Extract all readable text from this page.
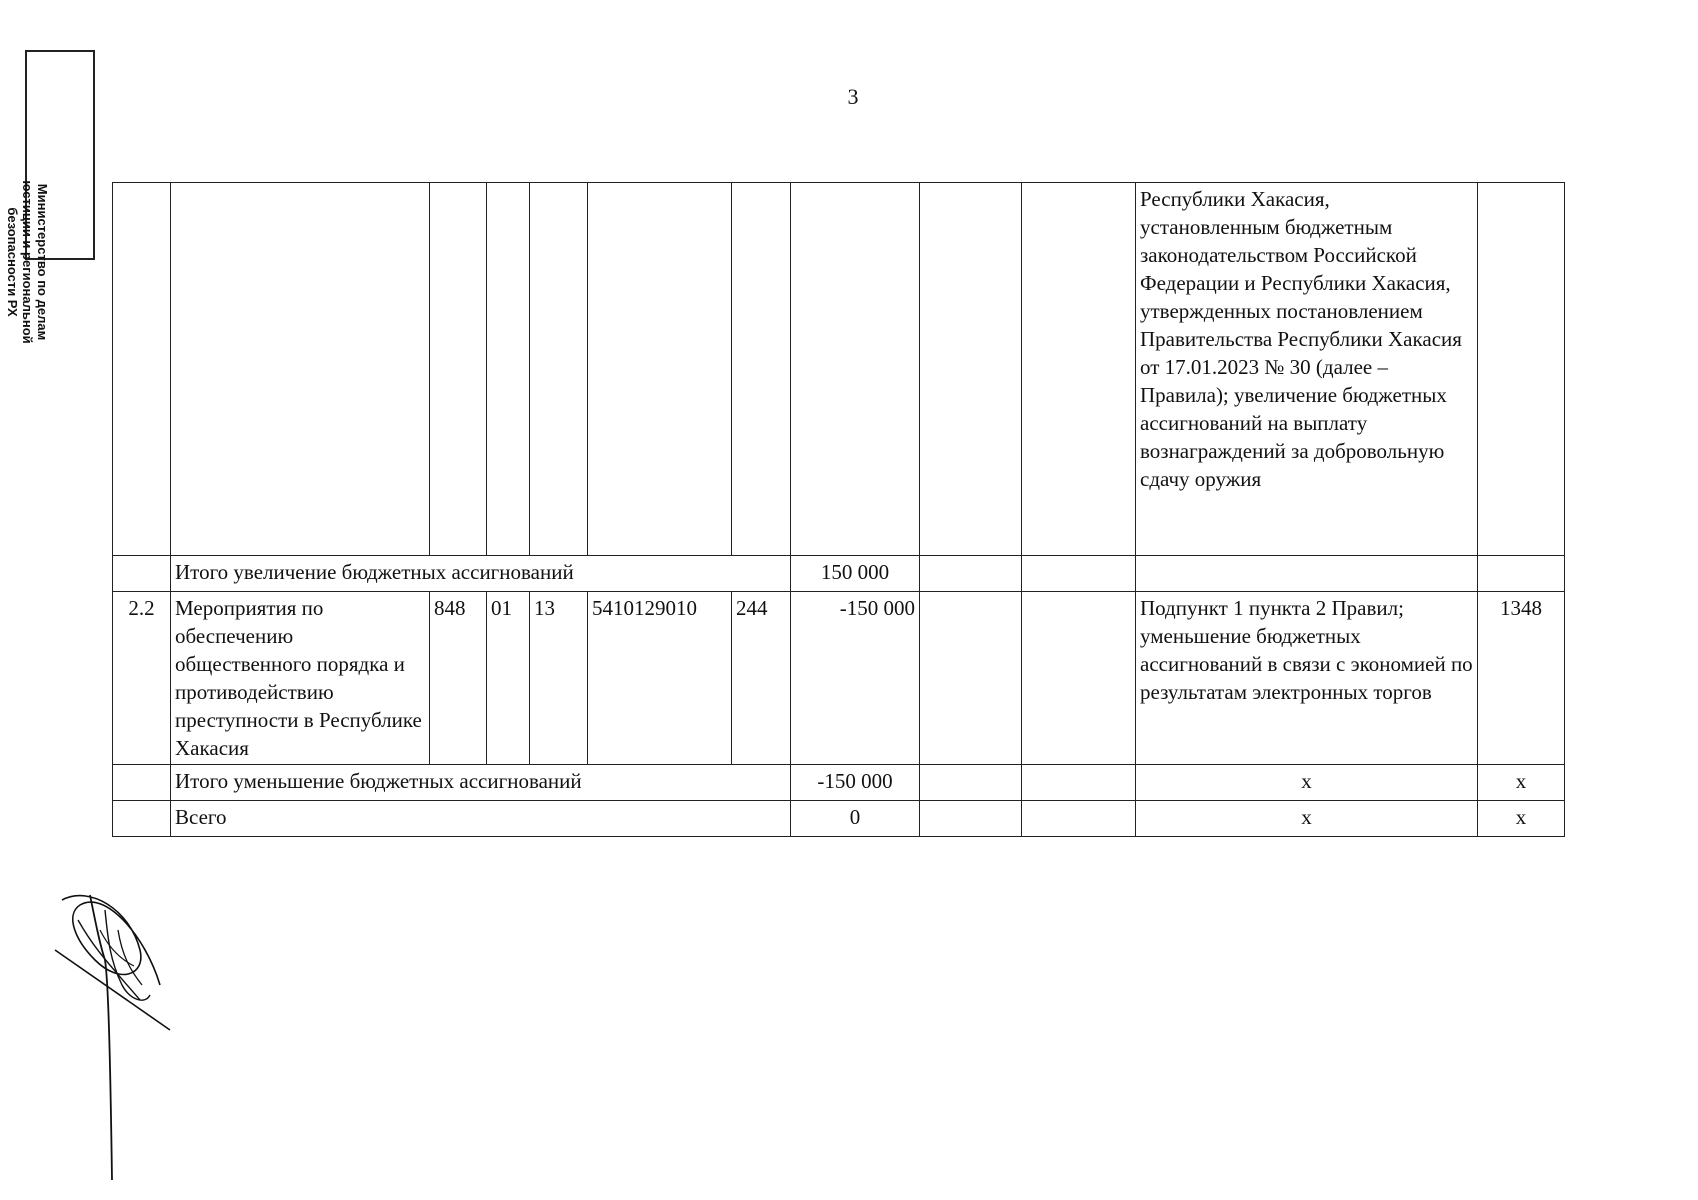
3
Министерство по делам
юстиции и региональной
безопасности РХ
										Республики Хакасия, установленным бюджетным законодательством Российской Федерации и Республики Хакасия, утвержденных постановлением Правительства Республики Хакасия от 17.01.2023 № 30 (далее – Правила); увеличение бюджетных ассигнований на выплату вознаграждений за добровольную сдачу оружия	
	Итого увеличение бюджетных ассигнований						150 000				
2.2	Мероприятия по обеспечению общественного порядка и противодействию преступности в Республике Хакасия	848	01	13	5410129010	244	-150 000			Подпункт 1 пункта 2 Правил; уменьшение бюджетных ассигнований в связи с экономией по результатам электронных торгов	1348
	Итого уменьшение бюджетных ассигнований						-150 000			x	x
	Всего						0			x	x
